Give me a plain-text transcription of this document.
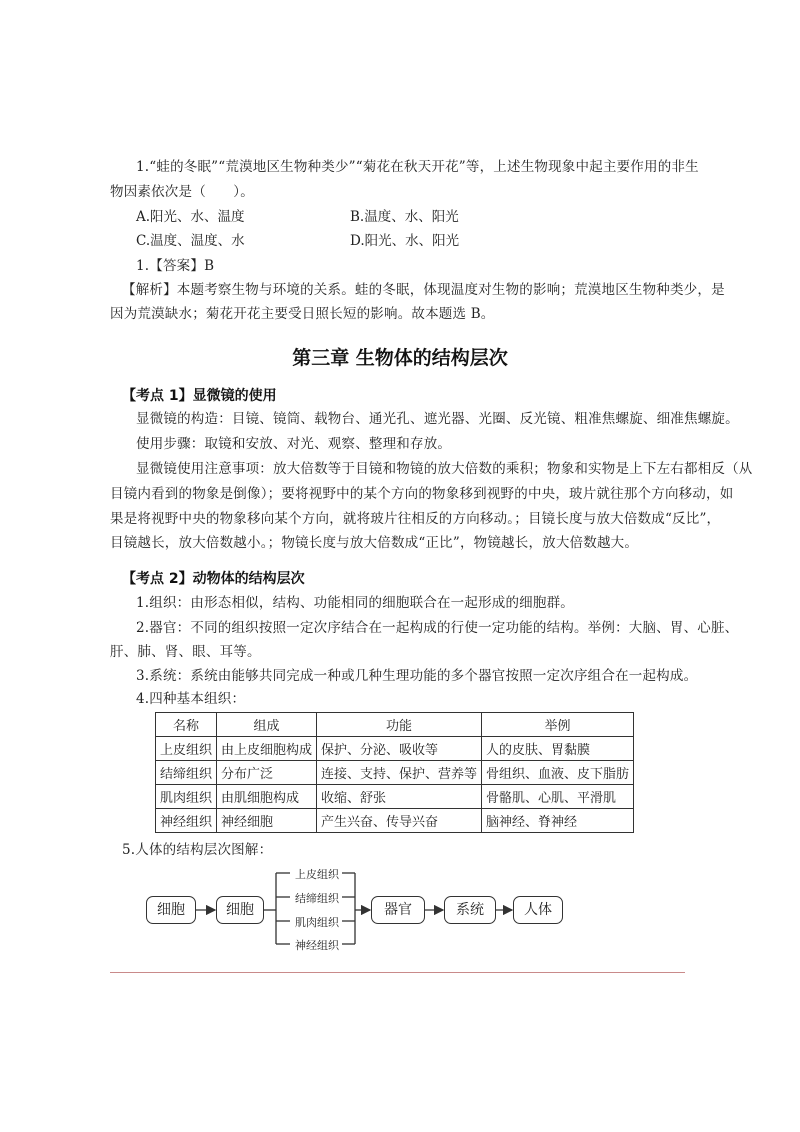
1.“蛙的冬眠”“荒漠地区生物种类少”“菊花在秋天开花”等，上述生物现象中起主要作用的非生
物因素依次是（　　）。
A.阳光、水、温度	B.温度、水、阳光
C.温度、温度、水	D.阳光、水、阳光
1.【答案】B
【解析】本题考察生物与环境的关系。蛙的冬眠，体现温度对生物的影响；荒漠地区生物种类少，是
因为荒漠缺水；菊花开花主要受日照长短的影响。故本题选 B。
第三章 生物体的结构层次
【考点 1】显微镜的使用
显微镜的构造：目镜、镜筒、载物台、通光孔、遮光器、光圈、反光镜、粗准焦螺旋、细准焦螺旋。
使用步骤：取镜和安放、对光、观察、整理和存放。
显微镜使用注意事项：放大倍数等于目镜和物镜的放大倍数的乘积；物象和实物是上下左右都相反（从
目镜内看到的物象是倒像）；要将视野中的某个方向的物象移到视野的中央，玻片就往那个方向移动，如
果是将视野中央的物象移向某个方向，就将玻片往相反的方向移动。；目镜长度与放大倍数成“反比”，
目镜越长，放大倍数越小。；物镜长度与放大倍数成“正比”，物镜越长，放大倍数越大。
【考点 2】动物体的结构层次
1.组织：由形态相似，结构、功能相同的细胞联合在一起形成的细胞群。
2.器官：不同的组织按照一定次序结合在一起构成的行使一定功能的结构。举例：大脑、胃、心脏、
肝、肺、肾、眼、耳等。
3.系统：系统由能够共同完成一种或几种生理功能的多个器官按照一定次序组合在一起构成。
4.四种基本组织：
名称	组成	功能	举例
上皮组织	由上皮细胞构成	保护、分泌、吸收等	人的皮肤、胃黏膜
结缔组织	分布广泛	连接、支持、保护、营养等	骨组织、血液、皮下脂肪
肌肉组织	由肌细胞构成	收缩、舒张	骨骼肌、心肌、平滑肌
神经组织	神经细胞	产生兴奋、传导兴奋	脑神经、脊神经
5.人体的结构层次图解：
细胞	细胞
上皮组织
结缔组织
肌肉组织
神经组织
器官	系统	人体
